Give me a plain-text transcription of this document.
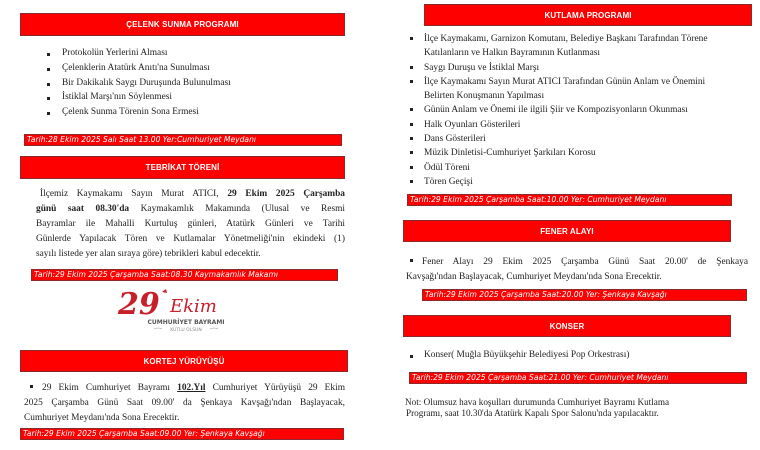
ÇELENK SUNMA PROGRAMI
Protokolün Yerlerini Alması
Çelenklerin Atatürk Anıtı'na Sunulması
Bir Dakikalık Saygı Duruşunda Bulunulması
İstiklal Marşı'nın Söylenmesi
Çelenk Sunma Törenin Sona Ermesi
Tarih:28 Ekim 2025 Salı Saat 13.00 Yer:Cumhuriyet Meydanı
TEBRİKAT TÖRENİ
İlçemiz Kaymakamı Sayın Murat ATICI, 29 Ekim 2025 Çarşamba
günü saat 08.30'da Kaymakamlık Makamında (Ulusal ve Resmi
Bayramlar ile Mahalli Kurtuluş günleri, Atatürk Günleri ve Tarihi
Günlerde Yapılacak Tören ve Kutlamalar Yönetmeliği'nin ekindeki (1)
sayılı listede yer alan sıraya göre) tebrikleri kabul edecektir.
Tarih:29 Ekim 2025 Çarşamba Saat:08.30 Kaymakamlık Makamı
29 Ekim
CUMHURİYET BAYRAMI
KUTLU OLSUN
KORTEJ YÜRÜYÜŞÜ
29 Ekim Cumhuriyet Bayramı 102.Yıl Cumhuriyet Yürüyüşü 29 Ekim
2025 Çarşamba Günü Saat 09.00' da Şenkaya Kavşağı'ndan Başlayacak,
Cumhuriyet Meydanı'nda Sona Erecektir.
Tarih:29 Ekim 2025 Çarşamba Saat:09.00 Yer: Şenkaya Kavşağı
KUTLAMA PROGRAMI
İlçe Kaymakamı, Garnizon Komutanı, Belediye Başkanı Tarafından Törene
Katılanların ve Halkın Bayramının Kutlanması
Saygı Duruşu ve İstiklal Marşı
İlçe Kaymakamı Sayın Murat ATICI Tarafından Günün Anlam ve Önemini
Belirten Konuşmanın Yapılması
Günün Anlam ve Önemi ile ilgili Şiir ve Kompozisyonların Okunması
Halk Oyunları Gösterileri
Dans Gösterileri
Müzik Dinletisi-Cumhuriyet Şarkıları Korosu
Ödül Töreni
Tören Geçişi
Tarih:29 Ekim 2025 Çarşamba Saat:10.00 Yer: Cumhuriyet Meydanı
FENER ALAYI
Fener Alayı 29 Ekim 2025 Çarşamba Günü Saat 20.00' de Şenkaya
Kavşağı'ndan Başlayacak, Cumhuriyet Meydanı'nda Sona Erecektir.
Tarih:29 Ekim 2025 Çarşamba Saat:20.00 Yer: Şenkaya Kavşağı
KONSER
Konser( Muğla Büyükşehir Belediyesi Pop Orkestrası)
Tarih:29 Ekim 2025 Çarşamba Saat:21.00 Yer: Cumhuriyet Meydanı
Not: Olumsuz hava koşulları durumunda Cumhuriyet Bayramı Kutlama
Programı, saat 10.30'da Atatürk Kapalı Spor Salonu'nda yapılacaktır.
